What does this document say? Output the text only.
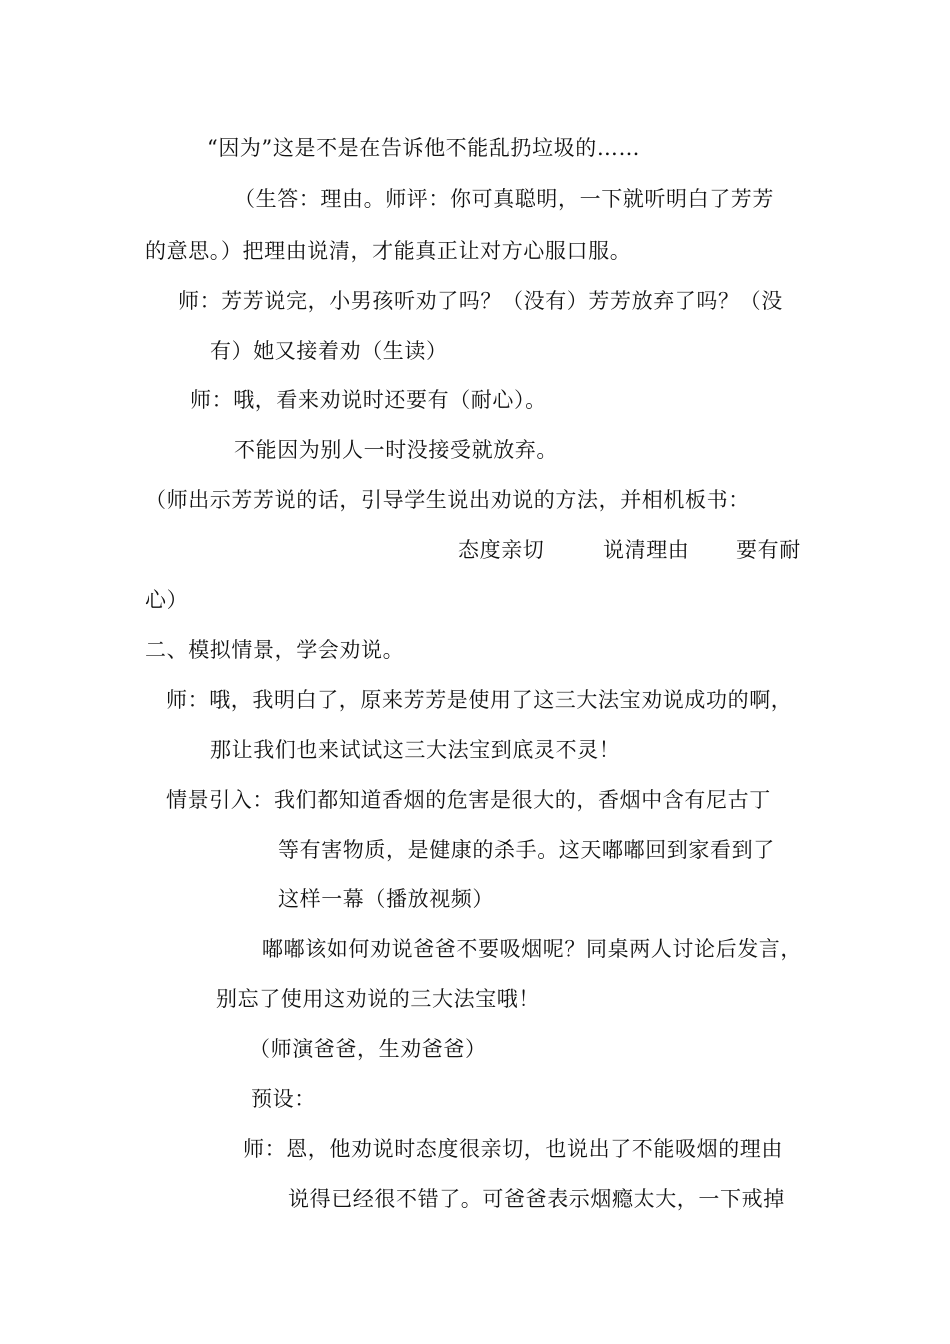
“因为”这是不是在告诉他不能乱扔垃圾的……
（生答：理由。师评：你可真聪明，一下就听明白了芳芳
的意思。）把理由说清，才能真正让对方心服口服。
师：芳芳说完，小男孩听劝了吗？（没有）芳芳放弃了吗？（没
有）她又接着劝（生读）
师：哦，看来劝说时还要有（耐心）。
不能因为别人一时没接受就放弃。
（师出示芳芳说的话，引导学生说出劝说的方法，并相机板书：
态度亲切	说清理由 要有耐
心）
二、模拟情景，学会劝说。
师：哦，我明白了，原来芳芳是使用了这三大法宝劝说成功的啊，
那让我们也来试试这三大法宝到底灵不灵！
情景引入：我们都知道香烟的危害是很大的，香烟中含有尼古丁
等有害物质，是健康的杀手。这天嘟嘟回到家看到了
这样一幕（播放视频）
嘟嘟该如何劝说爸爸不要吸烟呢？同桌两人讨论后发言，
别忘了使用这劝说的三大法宝哦！
（师演爸爸，生劝爸爸）
预设：
师：恩，他劝说时态度很亲切，也说出了不能吸烟的理由
说得已经很不错了。可爸爸表示烟瘾太大，一下戒掉
